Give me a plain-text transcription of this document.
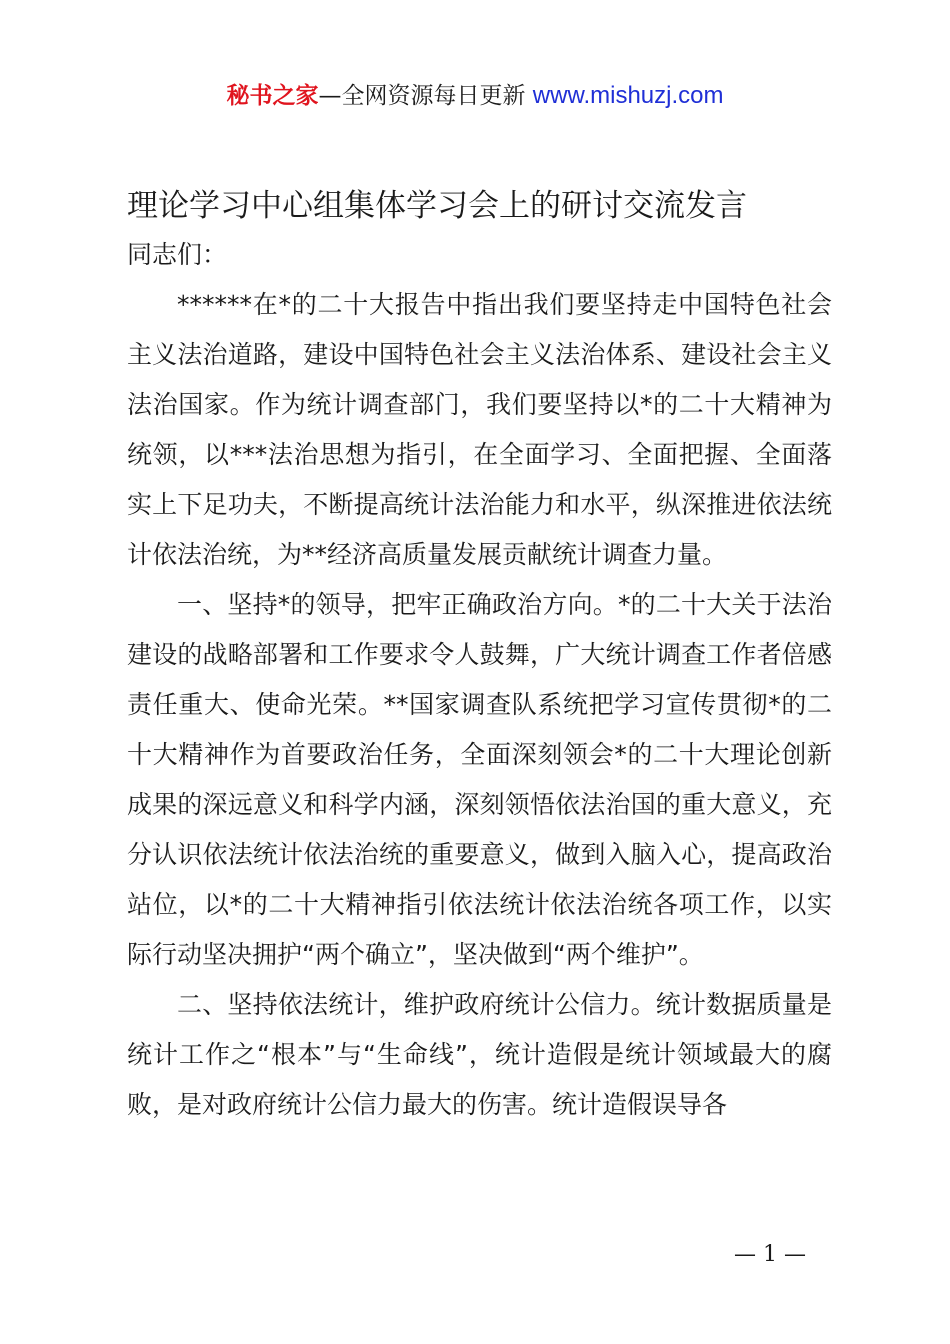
秘书之家—全网资源每日更新 www.mishuzj.com
理论学习中心组集体学习会上的研讨交流发言

同志们：

******在*的二十大报告中指出我们要坚持走中国特色社会主义法治道路，建设中国特色社会主义法治体系、建设社会主义法治国家。作为统计调查部门，我们要坚持以*的二十大精神为统领，以***法治思想为指引，在全面学习、全面把握、全面落实上下足功夫，不断提高统计法治能力和水平，纵深推进依法统计依法治统，为**经济高质量发展贡献统计调查力量。

一、坚持*的领导，把牢正确政治方向。*的二十大关于法治建设的战略部署和工作要求令人鼓舞，广大统计调查工作者倍感责任重大、使命光荣。**国家调查队系统把学习宣传贯彻*的二十大精神作为首要政治任务，全面深刻领会*的二十大理论创新成果的深远意义和科学内涵，深刻领悟依法治国的重大意义，充分认识依法统计依法治统的重要意义，做到入脑入心，提高政治站位，以*的二十大精神指引依法统计依法治统各项工作，以实际行动坚决拥护“两个确立”，坚决做到“两个维护”。

二、坚持依法统计，维护政府统计公信力。统计数据质量是统计工作之“根本”与“生命线”，统计造假是统计领域最大的腐败，是对政府统计公信力最大的伤害。统计造假误导各

— 1 —
